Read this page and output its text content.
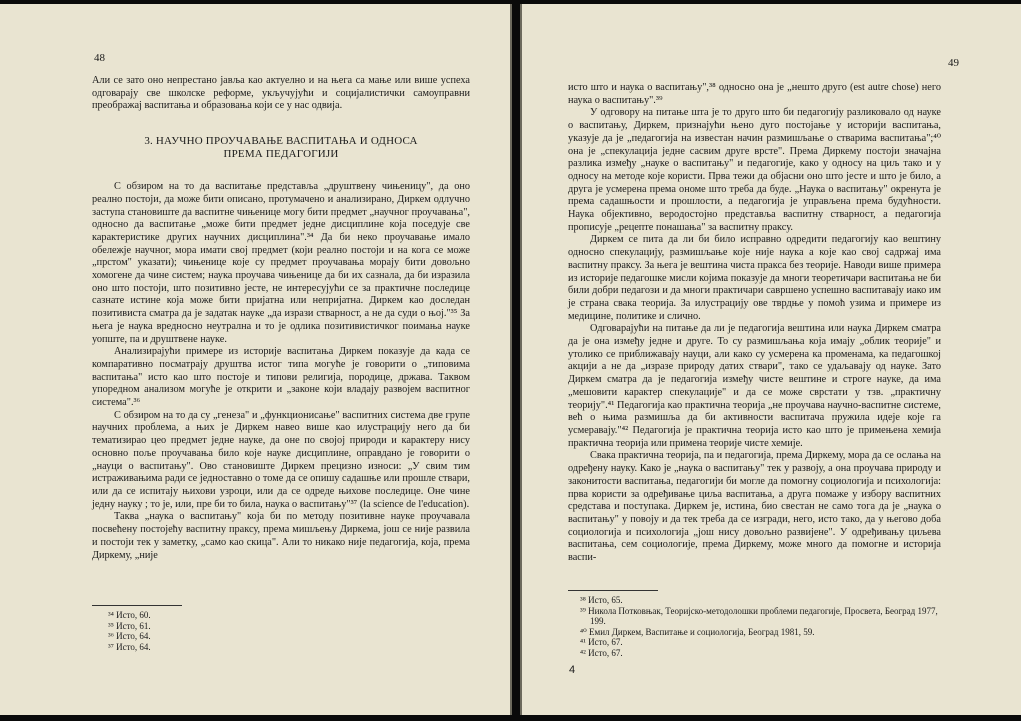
48

Али се зато оно непрестано јавља као актуелно и на њега са мање или више успеха одговарају све школске реформе, укључујући и социјалистички самоуправни преображај васпитања и образовања који се у нас одвија.

3. НАУЧНО ПРОУЧАВАЊЕ ВАСПИТАЊА И ОДНОСА
ПРЕМА ПЕДАГОГИЈИ

С обзиром на то да васпитање представља „друштвену чињеницу", да оно реално постоји, да може бити описано, протумачено и анализирано, Диркем одлучно заступа становиште да васпитне чињенице могу бити предмет „научног проучавања", односно да васпитање „може бити предмет једне дисциплине која поседује све карактеристике других научних дисциплина".³⁴ Да би неко проучавање имало обележје научног, мора имати свој предмет (који реално постоји и на кога се може „прстом" указати); чињенице које су предмет проучавања морају бити довољно хомогене да чине систем; наука проучава чињенице да би их сазнала, да би изразила оно што постоји, што позитивно јесте, не интересујући се за практичне последице сазнате истине која може бити пријатна или непријатна. Диркем као доследан позитивиста сматра да је задатак науке „да изрази стварност, а не да суди о њој."³⁵ За њега је наука вредносно неутрална и то је одлика позитивистичког поимања науке уопште, па и друштвене науке.

Анализирајући примере из историје васпитања Диркем показује да када се компаративно посматрају друштва истог типа могуће је говорити о „типовима васпитања" исто као што постоје и типови религија, породице, држава. Таквом упоредном анализом могуће је открити и „законе који владају развојем васпитног система".³⁶

С обзиром на то да су „генеза" и „функционисање" васпитних система две групе научних проблема, а њих је Диркем навео више као илустрацију него да би тематизирао цео предмет једне науке, да оне по својој природи и карактеру нису основно поље проучавања било које науке дисциплине, оправдано је говорити о „науци о васпитању". Ово становиште Диркем прецизно износи: „У свим тим истраживањима ради се једноставно о томе да се опишу садашње или прошле ствари, или да се испитају њихови узроци, или да се одреде њихове последице. Оне чине једну науку ; то је, или, пре би то била, наука о васпитању"³⁷ (la science de l'education).

Таква „наука о васпитању" која би по методу позитивне науке проучавала посвећену постојећу васпитну праксу, према мишљењу Диркема, још се није развила и постоји тек у заметку, „само као скица". Али то никако није педагогија, која, према Диркему, „није

³⁴ Исто, 60.
³⁵ Исто, 61.
³⁶ Исто, 64.
³⁷ Исто, 64.
49

исто што и наука о васпитању",³⁸ односно она је „нешто друго (est autre chose) него наука о васпитању".³⁹

У одговору на питање шта је то друго што би педагогију разликовало од науке о васпитању, Диркем, признајући њено дуго постојање у историји васпитања, указује да је „педагогија на известан начин размишљање о стварима васпитања";⁴⁰ она је „спекулација једне сасвим друге врсте". Према Диркему постоји значајна разлика између „науке о васпитању" и педагогије, како у односу на циљ тако и у односу на методе које користи. Прва тежи да објасни оно што јесте и што је било, а друга је усмерена према ономе што треба да буде. „Наука о васпитању" окренута је према садашњости и прошлости, а педагогија је управљена према будућности. Наука објективно, верoдостојно представља васпитну стварност, а педагогија прописује „рецепте понашања" за васпитну праксу.

Диркем се пита да ли би било исправно одредити педагогију као вештину односно спекулацију, размишљање које није наука а које као свој садржај има васпитну праксу. За њега је вештина чиста пракса без теорије. Наводи више примера из историје педагошке мисли којима показује да многи теоретичари васпитања не би били добри педагози и да многи практичари савршено успешно васпитавају иако им је страна свака теорија. За илустрацију ове тврдње у помоћ узима и примере из медицине, политике и слично.

Одговарајући на питање да ли је педагогија вештина или наука Диркем сматра да је она између једне и друге. То су размишљања која имају „облик теорије" и утолико се приближавају науци, али како су усмерена ка променама, ка педагошкој акцији а не да „изразе природу датих ствари", тако се удаљавају од науке. Зато Диркем сматра да је педагогија између чисте вештине и строге науке, да има „мешовити карактер спекулације" и да се може сврстати у тзв. „практичну теорију".⁴¹ Педагогија као практична теорија „не проучава научно-васпитне системе, већ о њима размишља да би активности васпитача пружила идеје које га усмеравају."⁴² Педагогија је практична теорија исто као што је примењена хемија практична теорија или примена теорије чисте хемије.

Свака практична теорија, па и педагогија, према Диркему, мора да се ослања на одређену науку. Како је „наука о васпитању" тек у развоју, а она проучава природу и законитости васпитања, педагогији би могле да помогну социологија и психологија: прва користи за одређивање циља васпитања, а друга помаже у избору васпитних средстава и поступака. Диркем је, истина, био свестан не само тога да је „наука о васпитању" у повоју и да тек треба да се изгради, него, исто тако, да у његово доба социологија и психологија „још нису довољно развијене". У одређивању циљева васпитања, сем социологије, према Диркему, може много да помогне и историја васпи-

³⁸ Исто, 65.
³⁹ Никола Потковњак, Теоријско-методолошки проблеми педагогије, Просвета, Београд 1977, 199.
⁴⁰ Емил Диркем, Васпитање и социологија, Београд 1981, 59.
⁴¹ Исто, 67.
⁴² Исто, 67.
4
